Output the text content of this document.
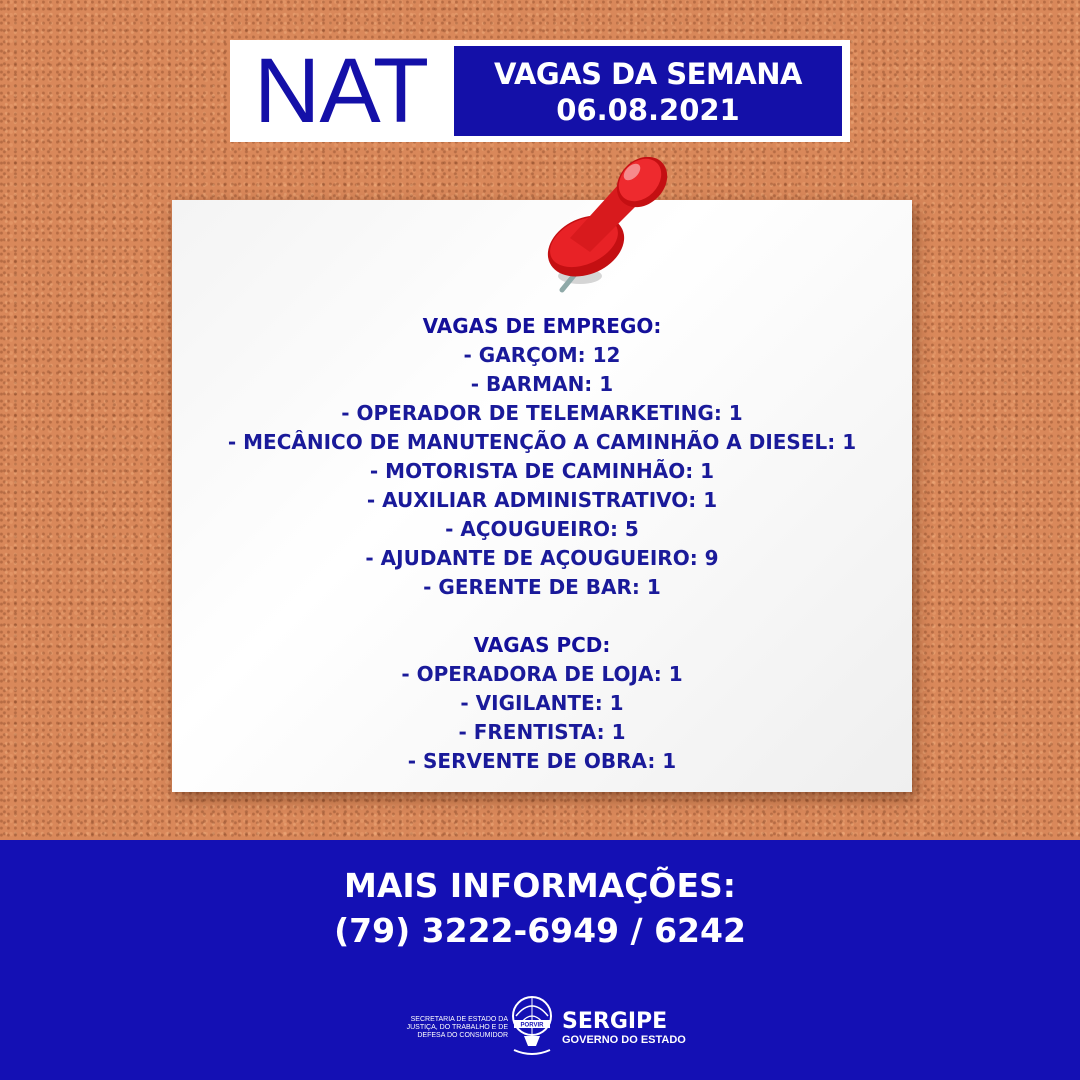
NAT	VAGAS DA SEMANA
06.08.2021
VAGAS DE EMPREGO:
- GARÇOM: 12
- BARMAN: 1
- OPERADOR DE TELEMARKETING: 1
- MECÂNICO DE MANUTENÇÃO A CAMINHÃO A DIESEL: 1
- MOTORISTA DE CAMINHÃO: 1
- AUXILIAR ADMINISTRATIVO: 1
- AÇOUGUEIRO: 5
- AJUDANTE DE AÇOUGUEIRO: 9
- GERENTE DE BAR: 1
VAGAS PCD:
- OPERADORA DE LOJA: 1
- VIGILANTE: 1
- FRENTISTA: 1
- SERVENTE DE OBRA: 1
MAIS INFORMAÇÕES:
(79) 3222-6949 / 6242
SECRETARIA DE ESTADO DA
JUSTIÇA, DO TRABALHO E DE
DEFESA DO CONSUMIDOR
PORVIR SERGIPE
GOVERNO DO ESTADO
